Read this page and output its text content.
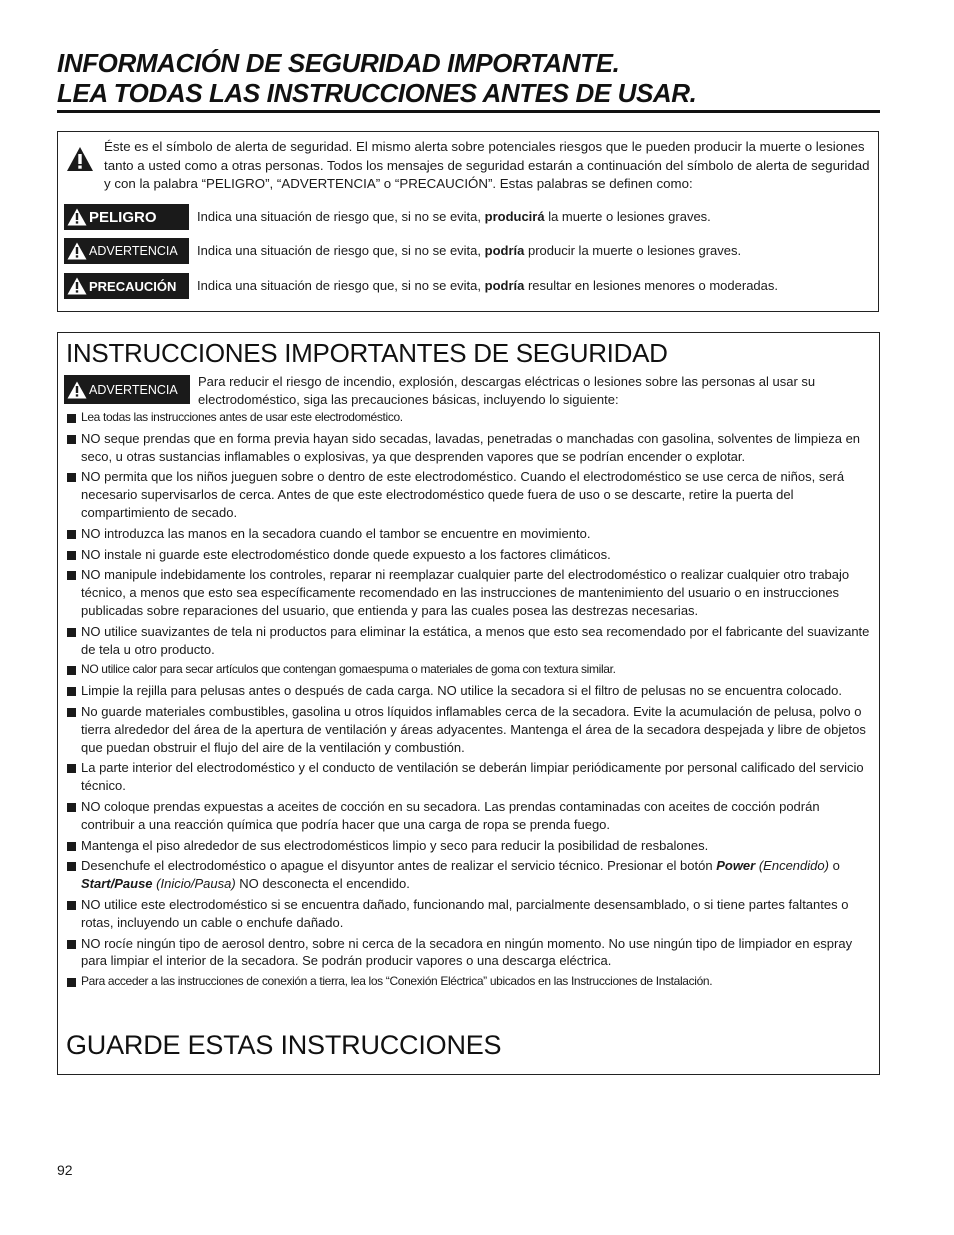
INFORMACIÓN DE SEGURIDAD IMPORTANTE.
LEA TODAS LAS INSTRUCCIONES ANTES DE USAR.
Éste es el símbolo de alerta de seguridad. El mismo alerta sobre potenciales riesgos que le pueden producir la muerte o lesiones tanto a usted como a otras personas. Todos los mensajes de seguridad estarán a continuación del símbolo de alerta de seguridad y con la palabra “PELIGRO”, “ADVERTENCIA” o “PRECAUCIÓN”. Estas palabras se definen como:
PELIGRO	Indica una situación de riesgo que, si no se evita, producirá la muerte o lesiones graves.
ADVERTENCIA Indica una situación de riesgo que, si no se evita, podría producir la muerte o lesiones graves.
PRECAUCIÓN Indica una situación de riesgo que, si no se evita, podría resultar en lesiones menores o moderadas.
INSTRUCCIONES IMPORTANTES DE SEGURIDAD
ADVERTENCIA
Para reducir el riesgo de incendio, explosión, descargas eléctricas o lesiones sobre las personas al usar su electrodoméstico, siga las precauciones básicas, incluyendo lo siguiente:
Lea todas las instrucciones antes de usar este electrodoméstico.
NO seque prendas que en forma previa hayan sido secadas, lavadas, penetradas o manchadas con gasolina, solventes de limpieza en seco, u otras sustancias inflamables o explosivas, ya que desprenden vapores que se podrían encender o explotar.
NO permita que los niños jueguen sobre o dentro de este electrodoméstico. Cuando el electrodoméstico se use cerca de niños, será necesario supervisarlos de cerca. Antes de que este electrodoméstico quede fuera de uso o se descarte, retire la puerta del compartimiento de secado.
NO introduzca las manos en la secadora cuando el tambor se encuentre en movimiento.
NO instale ni guarde este electrodoméstico donde quede expuesto a los factores climáticos.
NO manipule indebidamente los controles, reparar ni reemplazar cualquier parte del electrodoméstico o realizar cualquier otro trabajo técnico, a menos que esto sea específicamente recomendado en las instrucciones de mantenimiento del usuario o en instrucciones publicadas sobre reparaciones del usuario, que entienda y para las cuales posea las destrezas necesarias.
NO utilice suavizantes de tela ni productos para eliminar la estática, a menos que esto sea recomendado por el fabricante del suavizante de tela u otro producto.
NO utilice calor para secar artículos que contengan gomaespuma o materiales de goma con textura similar.
Limpie la rejilla para pelusas antes o después de cada carga. NO utilice la secadora si el filtro de pelusas no se encuentra colocado.
No guarde materiales combustibles, gasolina u otros líquidos inflamables cerca de la secadora. Evite la acumulación de pelusa, polvo o tierra alrededor del área de la apertura de ventilación y áreas adyacentes. Mantenga el área de la secadora despejada y libre de objetos que puedan obstruir el flujo del aire de la ventilación y combustión.
La parte interior del electrodoméstico y el conducto de ventilación se deberán limpiar periódicamente por personal calificado del servicio técnico.
NO coloque prendas expuestas a aceites de cocción en su secadora. Las prendas contaminadas con aceites de cocción podrán contribuir a una reacción química que podría hacer que una carga de ropa se prenda fuego.
Mantenga el piso alrededor de sus electrodomésticos limpio y seco para reducir la posibilidad de resbalones.
Desenchufe el electrodoméstico o apague el disyuntor antes de realizar el servicio técnico. Presionar el botón Power (Encendido) o Start/Pause (Inicio/Pausa) NO desconecta el encendido.
NO utilice este electrodoméstico si se encuentra dañado, funcionando mal, parcialmente desensamblado, o si tiene partes faltantes o rotas, incluyendo un cable o enchufe dañado.
NO rocíe ningún tipo de aerosol dentro, sobre ni cerca de la secadora en ningún momento. No use ningún tipo de limpiador en espray para limpiar el interior de la secadora. Se podrán producir vapores o una descarga eléctrica.
Para acceder a las instrucciones de conexión a tierra, lea los “Conexión Eléctrica” ubicados en las Instrucciones de Instalación.
GUARDE ESTAS INSTRUCCIONES
92
